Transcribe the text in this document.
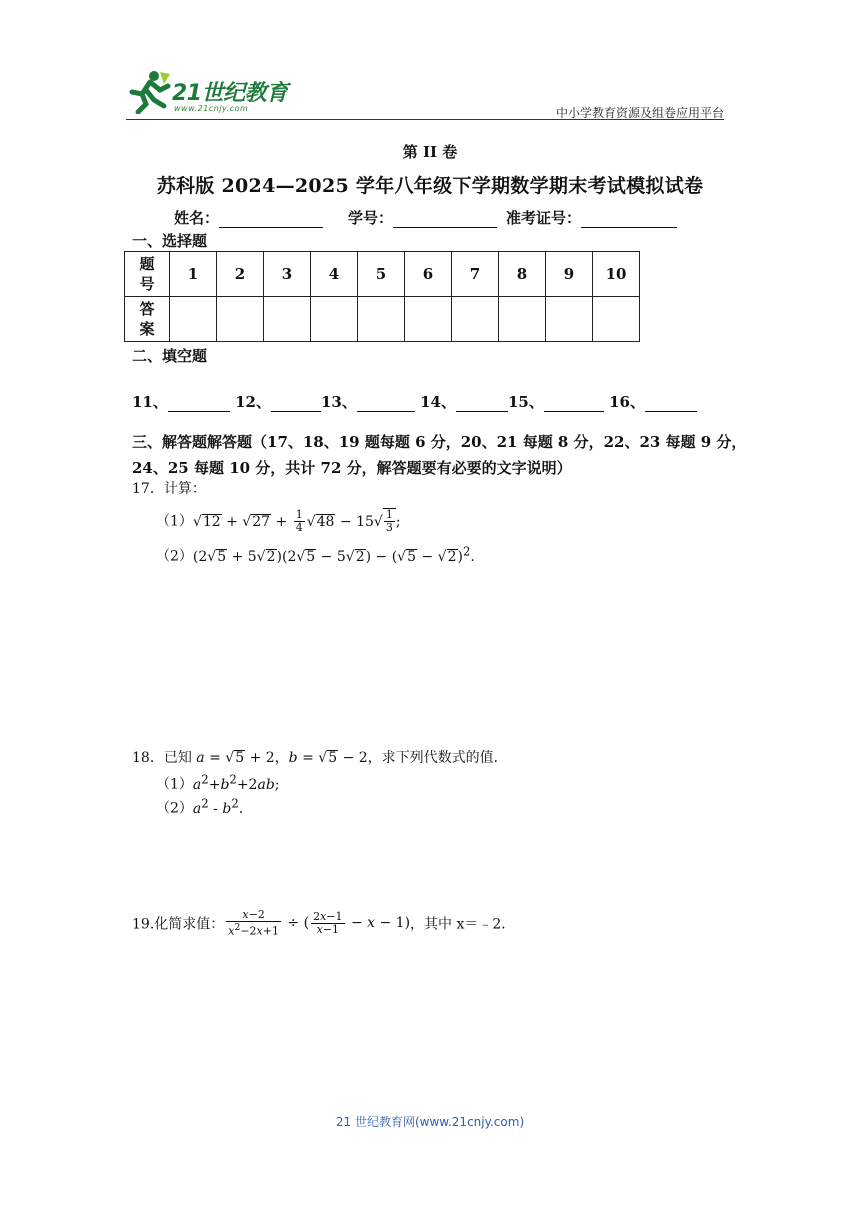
21世纪教育
www.21cnjy.com	中小学教育资源及组卷应用平台
第 II 卷
苏科版 2024—2025 学年八年级下学期数学期末考试模拟试卷
姓名：	学号：	准考证号：
一、选择题
题
号	1	2	3	4	5	6	7	8	9	10
答
案										
二、填空题
11、	12、	13、	14、	15、	16、
三、解答题解答题（17、18、19 题每题 6 分，20、21 每题 8 分，22、23 每题 9 分，24、25 每题 10 分，共计 72 分，解答题要有必要的文字说明）
17．计算：
$(1)√12 + √27 + \frac{1}{4} √48 - 15√ \frac{1}{3}$ ;
$(2)(2√5 + 5√2)(2√5 - 5√2) - (√5 - √2)^2$.
18．已知 a = √5 + 2，b = √5 − 2，求下列代数式的值．
$(1)a^2+b^2+2ab$;
$(2)a^2 - b^2$.
19.化简求值： $\frac{x-2}{x^2-2x+1}$ ÷ ( $\frac{2x-1}{x-1} - x - 1$)，其中 x＝﹣2．
21 世纪教育网(www.21cnjy.com)
